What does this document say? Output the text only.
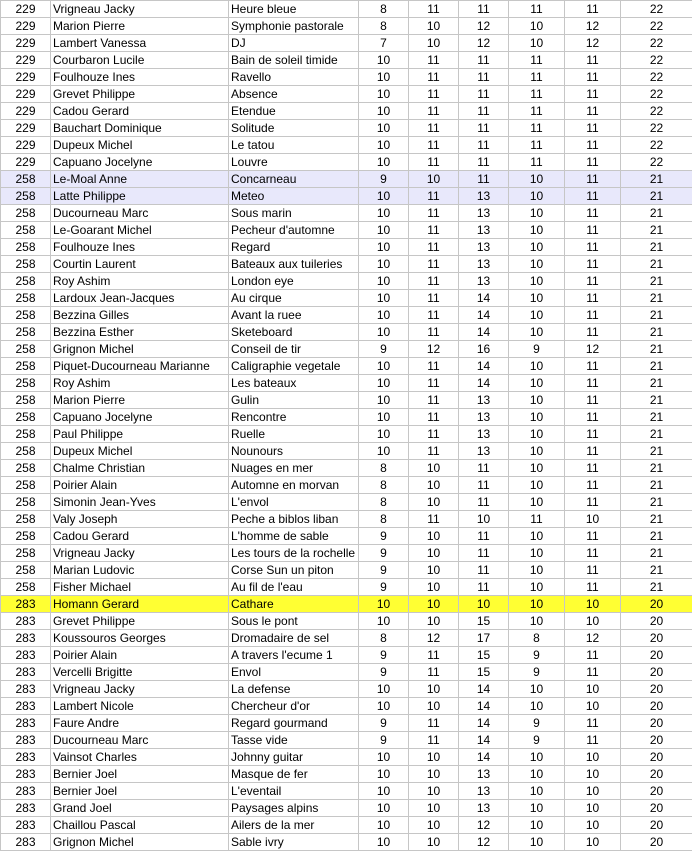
229	Vrigneau Jacky	Heure bleue	8	11	11	11	11	22
229	Marion Pierre	Symphonie pastorale	8	10	12	10	12	22
229	Lambert Vanessa	DJ	7	10	12	10	12	22
229	Courbaron Lucile	Bain de soleil timide	10	11	11	11	11	22
229	Foulhouze Ines	Ravello	10	11	11	11	11	22
229	Grevet Philippe	Absence	10	11	11	11	11	22
229	Cadou Gerard	Etendue	10	11	11	11	11	22
229	Bauchart Dominique	Solitude	10	11	11	11	11	22
229	Dupeux Michel	Le tatou	10	11	11	11	11	22
229	Capuano Jocelyne	Louvre	10	11	11	11	11	22
258	Le-Moal Anne	Concarneau	9	10	11	10	11	21
258	Latte Philippe	Meteo	10	11	13	10	11	21
258	Ducourneau Marc	Sous marin	10	11	13	10	11	21
258	Le-Goarant Michel	Pecheur d'automne	10	11	13	10	11	21
258	Foulhouze Ines	Regard	10	11	13	10	11	21
258	Courtin Laurent	Bateaux aux tuileries	10	11	13	10	11	21
258	Roy Ashim	London eye	10	11	13	10	11	21
258	Lardoux Jean-Jacques	Au cirque	10	11	14	10	11	21
258	Bezzina Gilles	Avant la ruee	10	11	14	10	11	21
258	Bezzina Esther	Sketeboard	10	11	14	10	11	21
258	Grignon Michel	Conseil de tir	9	12	16	9	12	21
258	Piquet-Ducourneau Marianne	Caligraphie vegetale	10	11	14	10	11	21
258	Roy Ashim	Les bateaux	10	11	14	10	11	21
258	Marion Pierre	Gulin	10	11	13	10	11	21
258	Capuano Jocelyne	Rencontre	10	11	13	10	11	21
258	Paul Philippe	Ruelle	10	11	13	10	11	21
258	Dupeux Michel	Nounours	10	11	13	10	11	21
258	Chalme Christian	Nuages en mer	8	10	11	10	11	21
258	Poirier Alain	Automne en morvan	8	10	11	10	11	21
258	Simonin Jean-Yves	L'envol	8	10	11	10	11	21
258	Valy Joseph	Peche a biblos liban	8	11	10	11	10	21
258	Cadou Gerard	L'homme de sable	9	10	11	10	11	21
258	Vrigneau Jacky	Les tours de la rochelle	9	10	11	10	11	21
258	Marian Ludovic	Corse Sun un piton	9	10	11	10	11	21
258	Fisher Michael	Au fil de l'eau	9	10	11	10	11	21
283	Homann Gerard	Cathare	10	10	10	10	10	20
283	Grevet Philippe	Sous le pont	10	10	15	10	10	20
283	Koussouros Georges	Dromadaire de sel	8	12	17	8	12	20
283	Poirier Alain	A travers l'ecume 1	9	11	15	9	11	20
283	Vercelli Brigitte	Envol	9	11	15	9	11	20
283	Vrigneau Jacky	La defense	10	10	14	10	10	20
283	Lambert Nicole	Chercheur d'or	10	10	14	10	10	20
283	Faure Andre	Regard gourmand	9	11	14	9	11	20
283	Ducourneau Marc	Tasse vide	9	11	14	9	11	20
283	Vainsot Charles	Johnny guitar	10	10	14	10	10	20
283	Bernier Joel	Masque de fer	10	10	13	10	10	20
283	Bernier Joel	L'eventail	10	10	13	10	10	20
283	Grand Joel	Paysages alpins	10	10	13	10	10	20
283	Chaillou Pascal	Ailers de la mer	10	10	12	10	10	20
283	Grignon Michel	Sable ivry	10	10	12	10	10	20
